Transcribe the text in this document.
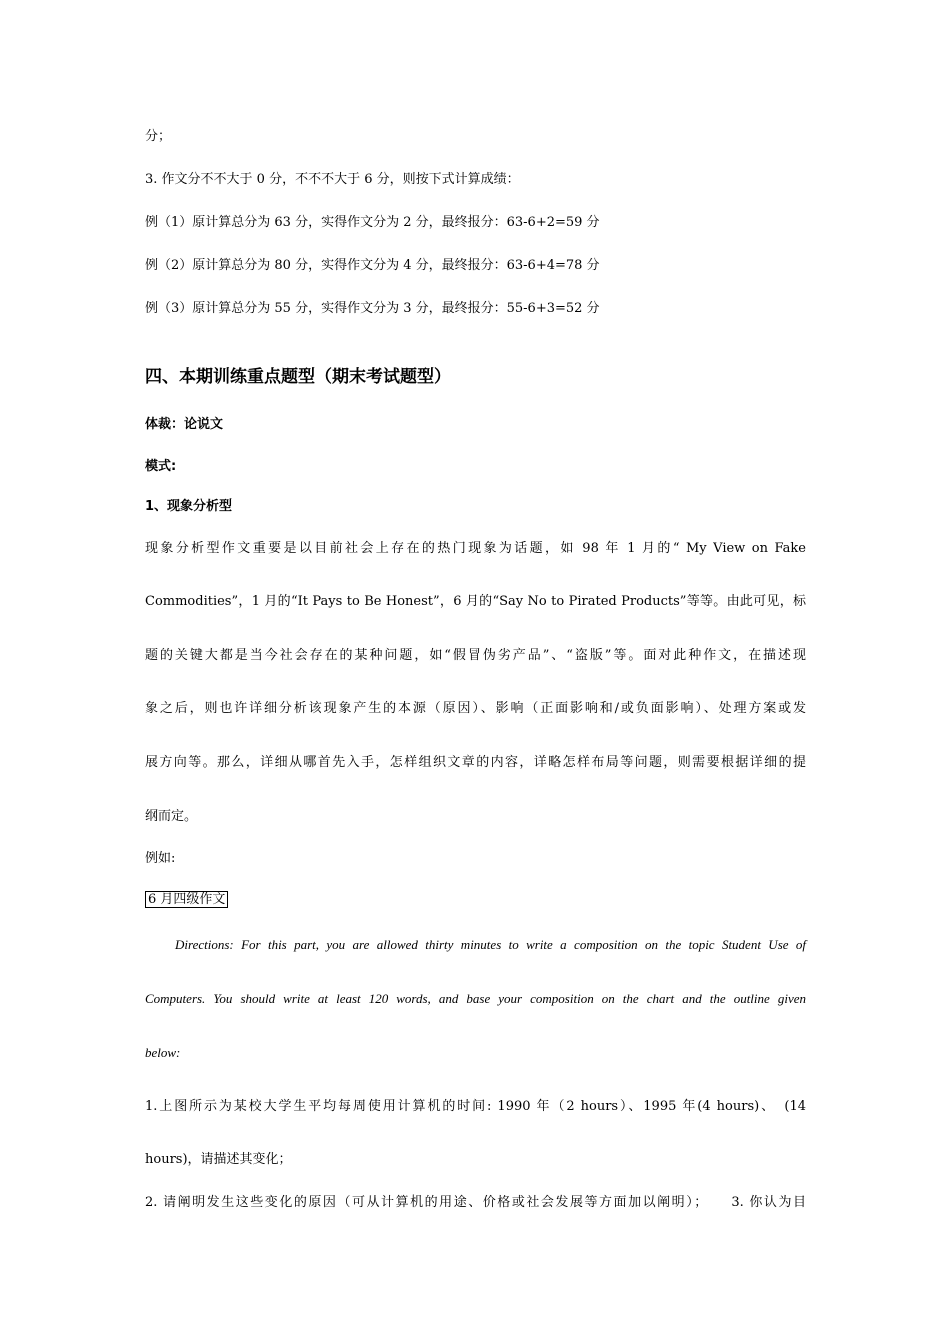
分；
3. 作文分不不大于 0 分，不不不大于 6 分，则按下式计算成绩：
例（1）原计算总分为 63 分，实得作文分为 2 分，最终报分：63-6+2=59 分
例（2）原计算总分为 80 分，实得作文分为 4 分，最终报分：63-6+4=78 分
例（3）原计算总分为 55 分，实得作文分为 3 分，最终报分：55-6+3=52 分
四、本期训练重点题型（期末考试题型）
体裁：论说文
模式:
1、现象分析型
现象分析型作文重要是以目前社会上存在的热门现象为话题，如 98 年 1 月的“ My View on Fake
Commodities”，1 月的“It Pays to Be Honest”，6 月的“Say No to Pirated Products”等等。由此可见，标
题的关键大都是当今社会存在的某种问题，如“假冒伪劣产品”、“盗版”等。面对此种作文，在描述现
象之后，则也许详细分析该现象产生的本源（原因）、影响（正面影响和/或负面影响）、处理方案或发
展方向等。那么，详细从哪首先入手，怎样组织文章的内容，详略怎样布局等问题，则需要根据详细的提
纲而定。
例如:
6 月四级作文
Directions: For this part, you are allowed thirty minutes to write a composition on the topic Student Use of
Computers. You should write at least 120 words, and base your composition on the chart and the outline given
below:
1.上图所示为某校大学生平均每周使用计算机的时间: 1990 年（2 hours）、1995 年(4 hours)、　(14
hours)，请描述其变化；
2. 请阐明发生这些变化的原因（可从计算机的用途、价格或社会发展等方面加以阐明）；　　3. 你认为目
